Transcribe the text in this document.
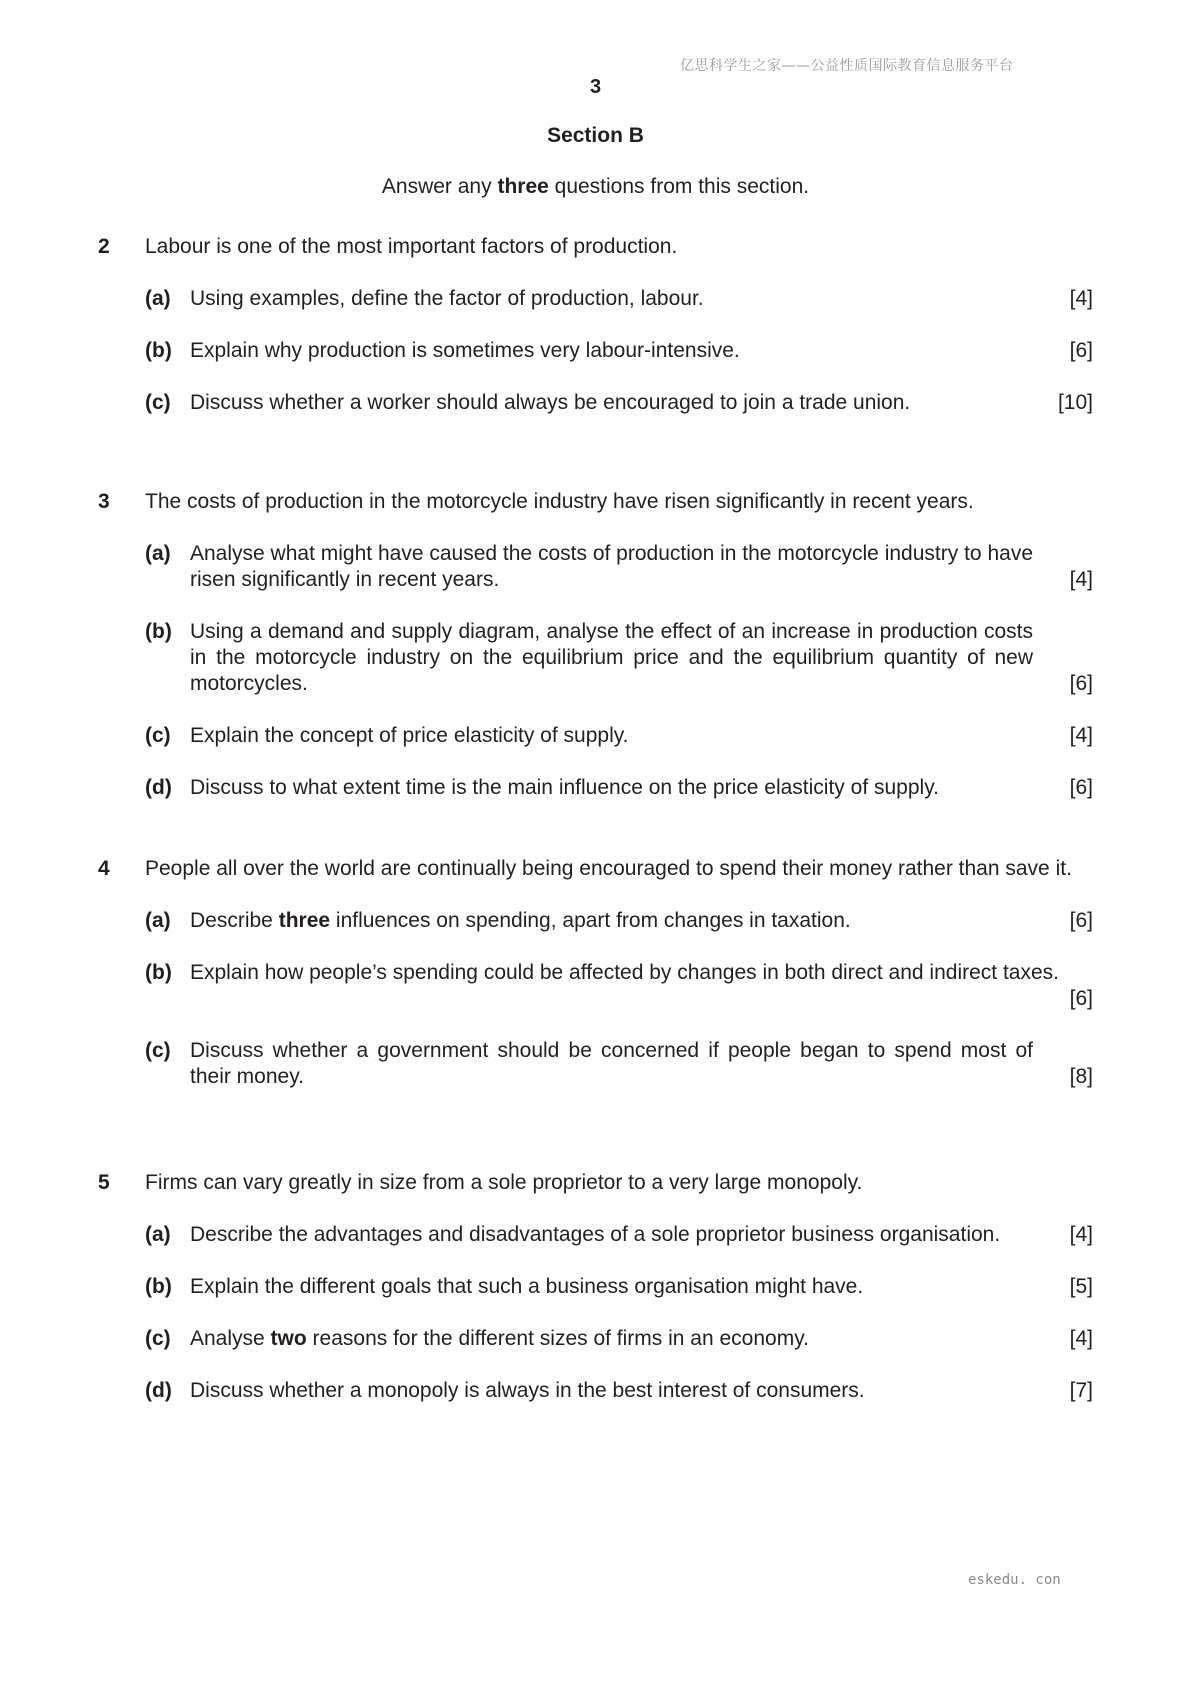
亿思科学生之家——公益性质国际教育信息服务平台
3
Section B
Answer any three questions from this section.
2 Labour is one of the most important factors of production.
(a) Using examples, define the factor of production, labour.	[4]
(b) Explain why production is sometimes very labour-intensive.	[6]
(c) Discuss whether a worker should always be encouraged to join a trade union.	[10]
3 The costs of production in the motorcycle industry have risen significantly in recent years.
(a) Analyse what might have caused the costs of production in the motorcycle industry to have risen significantly in recent years.	[4]
(b) Using a demand and supply diagram, analyse the effect of an increase in production costs in the motorcycle industry on the equilibrium price and the equilibrium quantity of new motorcycles.	[6]
(c) Explain the concept of price elasticity of supply.	[4]
(d) Discuss to what extent time is the main influence on the price elasticity of supply.	[6]
4 People all over the world are continually being encouraged to spend their money rather than save it.
(a) Describe three influences on spending, apart from changes in taxation.	[6]
(b) Explain how people’s spending could be affected by changes in both direct and indirect taxes.
[6]
(c) Discuss whether a government should be concerned if people began to spend most of their money.	[8]
5 Firms can vary greatly in size from a sole proprietor to a very large monopoly.
(a) Describe the advantages and disadvantages of a sole proprietor business organisation.	[4]
(b) Explain the different goals that such a business organisation might have.	[5]
(c) Analyse two reasons for the different sizes of firms in an economy.	[4]
(d) Discuss whether a monopoly is always in the best interest of consumers.	[7]
eskedu. con
